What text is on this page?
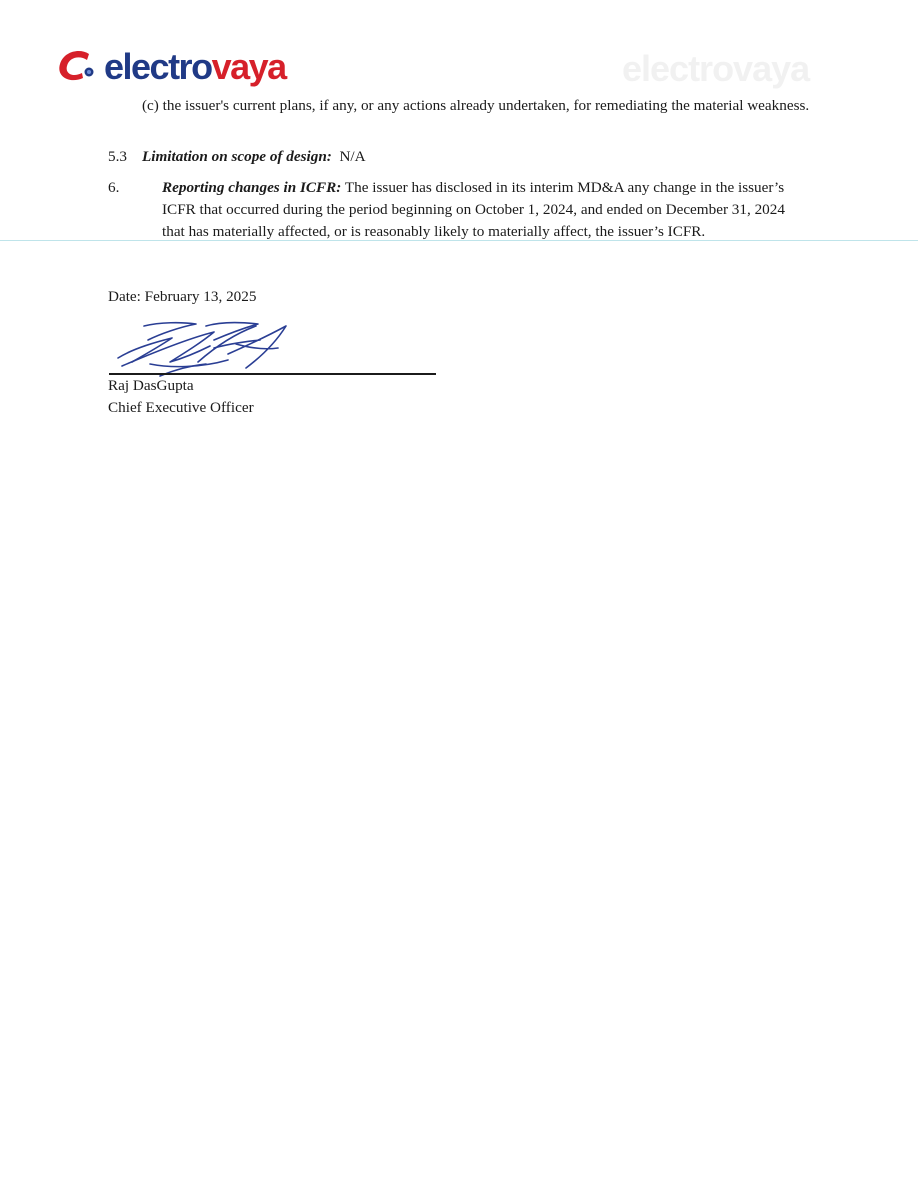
electrovaya
electrovaya

(c) the issuer's current plans, if any, or any actions already undertaken, for remediating the material weakness.

5.3 Limitation on scope of design: N/A

6.	Reporting changes in ICFR: The issuer has disclosed in its interim MD&A any change in the issuer’s ICFR that occurred during the period beginning on October 1, 2024, and ended on December 31, 2024 that has materially affected, or is reasonably likely to materially affect, the issuer’s ICFR.

Date: February 13, 2025

Raj DasGupta

Chief Executive Officer
